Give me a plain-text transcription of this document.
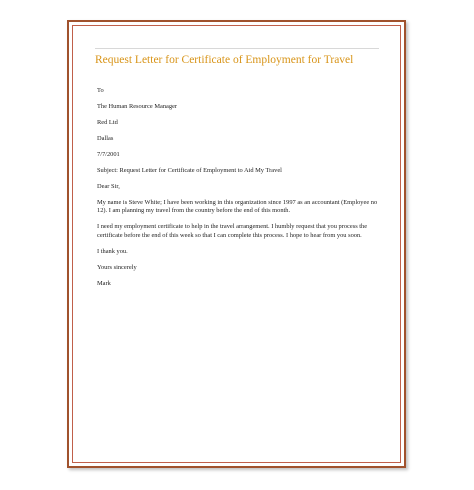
Request Letter for Certificate of Employment for Travel
To
The Human Resource Manager
Red Ltd
Dallas
7/7/2001
Subject: Request Letter for Certificate of Employment to Aid My Travel
Dear Sir,
My name is Steve White; I have been working in this organization since 1997 as an accountant (Employee no 12). I am planning my travel from the country before the end of this month.
I need my employment certificate to help in the travel arrangement. I humbly request that you process the certificate before the end of this week so that I can complete this process. I hope to hear from you soon.
I thank you.
Yours sincerely
Mark
